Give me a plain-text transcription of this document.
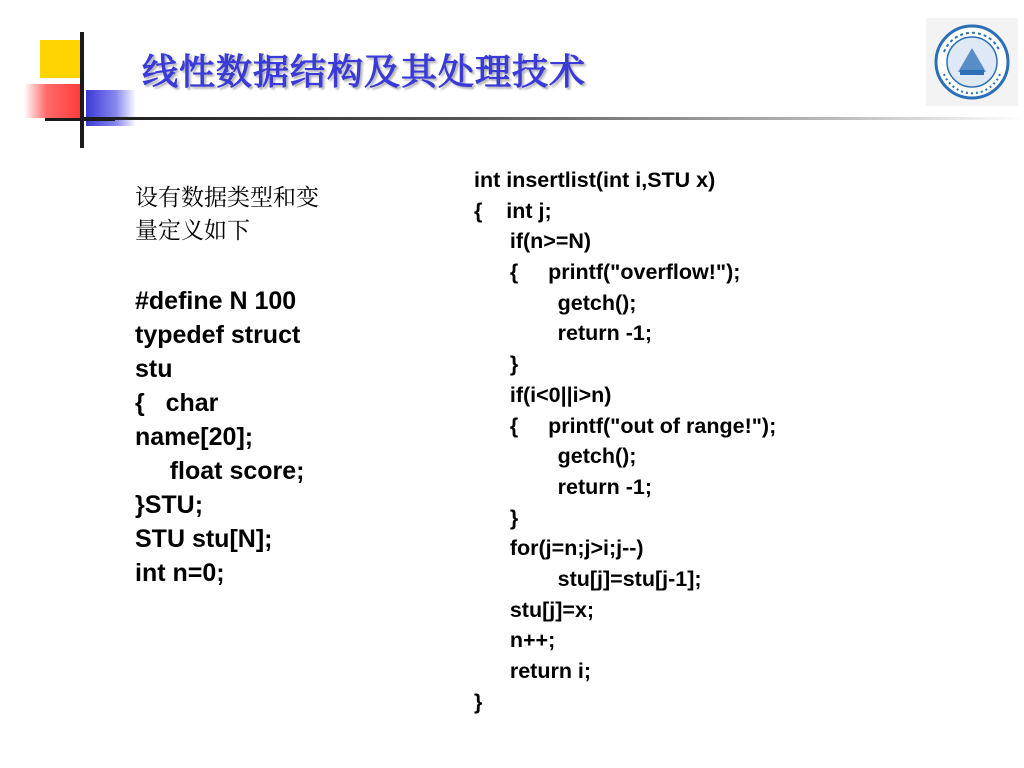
线性数据结构及其处理技术
设有数据类型和变
量定义如下
#define N 100
typedef struct
stu
{   char
name[20];
float score;
}STU;
STU stu[N];
int n=0;
int insertlist(int i,STU x)
{    int j;
if(n>=N)
{     printf("overflow!");
getch();
return -1;
}
if(i<0||i>n)
{     printf("out of range!");
getch();
return -1;
}
for(j=n;j>i;j--)
stu[j]=stu[j-1];
stu[j]=x;
n++;
return i;
}
